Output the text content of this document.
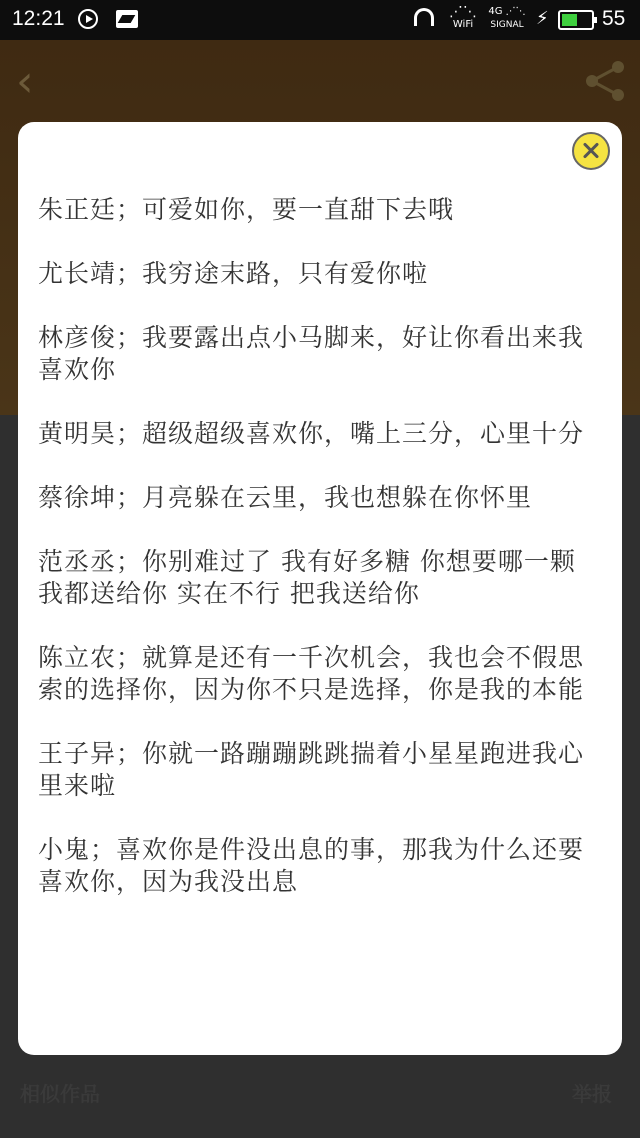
12:21	⋰⋱
WiFi
4G ⋰⋱
SIGNAL ⚡	55
‹
相似作品	举报

朱正廷；可爱如你，要一直甜下去哦

尤长靖；我穷途末路，只有爱你啦

林彦俊；我要露出点小马脚来，好让你看出来我喜欢你

黄明昊；超级超级喜欢你，嘴上三分，心里十分

蔡徐坤；月亮躲在云里，我也想躲在你怀里

范丞丞；你别难过了 我有好多糖 你想要哪一颗 我都送给你 实在不行 把我送给你

陈立农；就算是还有一千次机会，我也会不假思索的选择你，因为你不只是选择，你是我的本能

王子异；你就一路蹦蹦跳跳揣着小星星跑进我心里来啦

小鬼；喜欢你是件没出息的事，那我为什么还要喜欢你，因为我没出息
